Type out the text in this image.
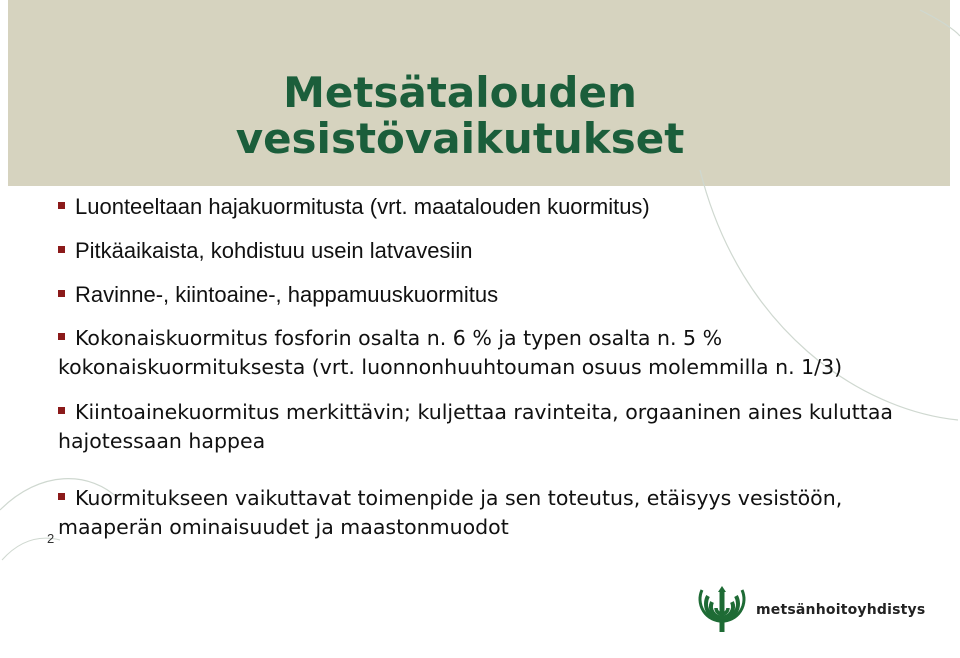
Metsätalouden
vesistövaikutukset
Luonteeltaan hajakuormitusta (vrt. maatalouden kuormitus)
Pitkäaikaista, kohdistuu usein latvavesiin
Ravinne-, kiintoaine-, happamuuskuormitus
Kokonaiskuormitus fosforin osalta n. 6 % ja typen osalta n. 5 % kokonaiskuormituksesta (vrt. luonnonhuuhtouman osuus molemmilla n. 1/3)
Kiintoainekuormitus merkittävin; kuljettaa ravinteita, orgaaninen aines kuluttaa hajotessaan happea
Kuormitukseen vaikuttavat toimenpide ja sen toteutus, etäisyys vesistöön, maaperän ominaisuudet ja maastonmuodot
2
metsänhoitoyhdistys
